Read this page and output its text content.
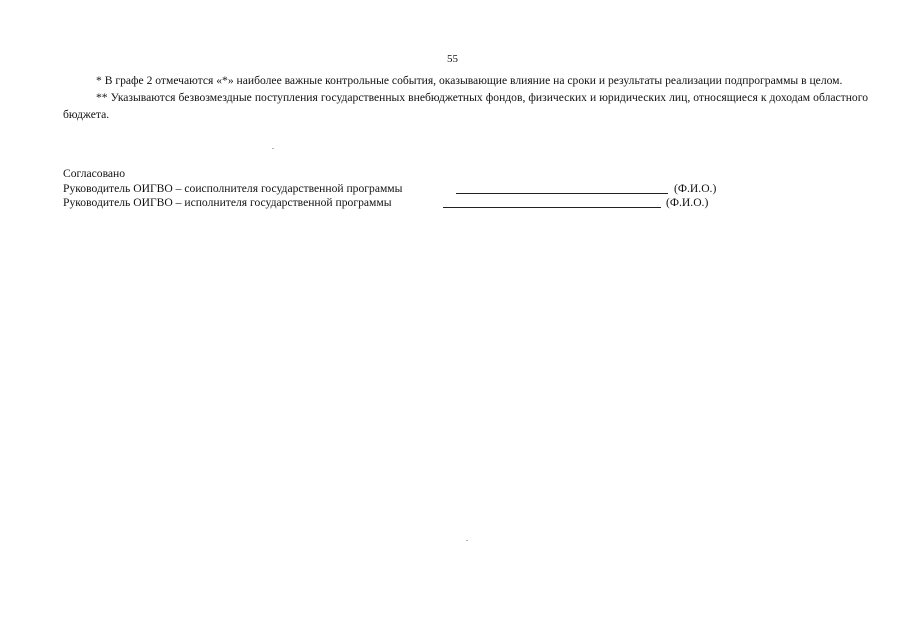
55

* В графе 2 отмечаются «*» наиболее важные контрольные события, оказывающие влияние на сроки и результаты реализации подпрограммы в целом.

** Указываются безвозмездные поступления государственных внебюджетных фондов, физических и юридических лиц, относящиеся к доходам областного бюджета.

Согласовано
Руководитель ОИГВО – соисполнителя государственной программы	(Ф.И.О.)
Руководитель ОИГВО – исполнителя государственной программы	(Ф.И.О.)
